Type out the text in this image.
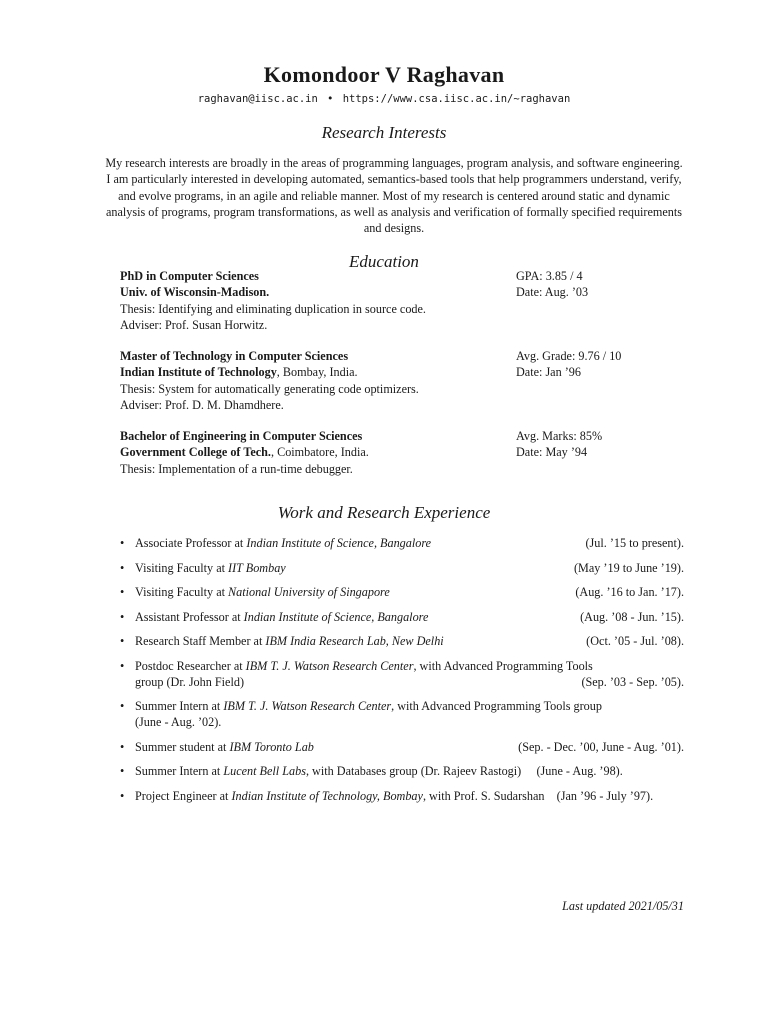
Komondoor V Raghavan
raghavan@iisc.ac.in • https://www.csa.iisc.ac.in/~raghavan
Research Interests
My research interests are broadly in the areas of programming languages, program analysis, and software engineering. I am particularly interested in developing automated, semantics-based tools that help programmers understand, verify, and evolve programs, in an agile and reliable manner. Most of my research is centered around static and dynamic analysis of programs, program transformations, as well as analysis and verification of formally specified requirements and designs.
Education
PhD in Computer Sciences	GPA: 3.85 / 4
Univ. of Wisconsin-Madison.	Date: Aug. ’03
Thesis: Identifying and eliminating duplication in source code.
Adviser: Prof. Susan Horwitz.
Master of Technology in Computer Sciences	Avg. Grade: 9.76 / 10
Indian Institute of Technology, Bombay, India.	Date: Jan ’96
Thesis: System for automatically generating code optimizers.
Adviser: Prof. D. M. Dhamdhere.
Bachelor of Engineering in Computer Sciences	Avg. Marks: 85%
Government College of Tech., Coimbatore, India.	Date: May ’94
Thesis: Implementation of a run-time debugger.
Work and Research Experience
• Associate Professor at Indian Institute of Science, Bangalore	(Jul. ’15 to present).
• Visiting Faculty at IIT Bombay	(May ’19 to June ’19).
• Visiting Faculty at National University of Singapore	(Aug. ’16 to Jan. ’17).
• Assistant Professor at Indian Institute of Science, Bangalore	(Aug. ’08 - Jun. ’15).
• Research Staff Member at IBM India Research Lab, New Delhi	(Oct. ’05 - Jul. ’08).
• Postdoc Researcher at IBM T. J. Watson Research Center, with Advanced Programming Tools
group (Dr. John Field)	(Sep. ’03 - Sep. ’05).
• Summer Intern at IBM T. J. Watson Research Center, with Advanced Programming Tools group
(June - Aug. ’02).
• Summer student at IBM Toronto Lab	(Sep. - Dec. ’00, June - Aug. ’01).
• Summer Intern at Lucent Bell Labs, with Databases group (Dr. Rajeev Rastogi) (June - Aug. ’98).
• Project Engineer at Indian Institute of Technology, Bombay, with Prof. S. Sudarshan (Jan ’96 - July ’97).
Last updated 2021/05/31
